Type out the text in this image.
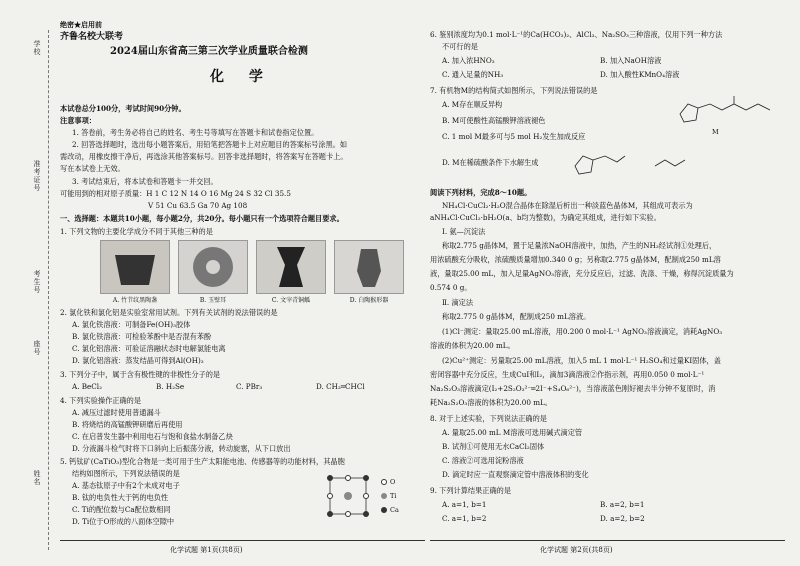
学校
准考证号
考生号
座号
姓名
绝密★启用前
齐鲁名校大联考
2024届山东省高三第三次学业质量联合检测
化 学
本试卷总分100分，考试时间90分钟。
注意事项：
1. 答卷前，考生务必将自己的姓名、考生号等填写在答题卡和试卷指定位置。
2. 回答选择题时，选出每小题答案后，用铅笔把答题卡上对应题目的答案标号涂黑。如
需改动，用橡皮擦干净后，再选涂其他答案标号。回答非选择题时，将答案写在答题卡上。
写在本试卷上无效。
3. 考试结束后，将本试卷和答题卡一并交回。
可能用到的相对原子质量：H 1 C 12 N 14 O 16 Mg 24 S 32 Cl 35.5
V 51 Cu 63.5 Ga 70 Ag 108
一、选择题：本题共10小题，每小题2分，共20分。每小题只有一个选项符合题目要求。
1. 下列文物的主要化学成分不同于其他三种的是
A. 竹节纹黑陶盏	B. 玉壁耳	C. 文宰青铜觚	D. 白陶猴形器
2. 氯化铁和氯化铝是实验室常用试剂。下列有关试剂的说法错误的是
A. 氯化铁溶液：可制备Fe(OH)₃胶体
B. 氯化铁溶液：可检验苯酚中是否混有苯酚
C. 氯化铝溶液：可验证溶融状态时电解氯能电离
D. 氯化铝溶液：蒸发结晶可得到Al(OH)₃
3. 下列分子中，属于含有极性键的非极性分子的是
A. BeCl₂	B. H₂Se	C. PBr₃	D. CH₂═CHCl
4. 下列实验操作正确的是
A. 减压过滤时使用普通漏斗
B. 将烧结的高锰酸钾研磨后再使用
C. 在启普发生器中利用电石与饱和食盐水制备乙炔
D. 分液漏斗检气时将下口斜向上后振荡分液，转动旋塞，从下口放出
5. 钙钛矿(CaTiO₃)型化合物是一类可用于生产太阳能电池、传感器等的功能材料，其晶胞
结构如图所示，下列说法错误的是
A. 基态钛原子中有2个未成对电子
B. 钛的电负性大于钙的电负性
C. Ti的配位数与Ca配位数相同
D. Ti位于O形成的八面体空隙中
O
Ti
Ca
化学试题 第1页(共8页)
6. 鉴别浓度均为0.1 mol·L⁻¹的Ca(HCO₃)₂、AlCl₃、Na₂SO₃三种溶液，仅用下列一种方法
不可行的是
A. 加入浓HNO₃	B. 加入NaOH溶液
C. 通入足量的NH₃	D. 加入酸性KMnO₄溶液
7. 有机物M的结构简式如图所示，下列说法错误的是
A. M存在顺反异构
B. M可使酸性高锰酸钾溶液褪色
C. 1 mol M最多可与5 mol H₂发生加成反应
D. M在稀硫酸条件下水解生成
M
阅读下列材料，完成8～10题。
NH₄Cl·CuCl₂·H₂O混合晶体在除湿后析出一种淡蓝色晶体M，其组成可表示为
aNH₄Cl·CuCl₂·bH₂O(a、b均为整数)，为确定其组成，进行如下实验。
Ⅰ. 氨—沉淀法
称取2.775 g晶体M，置于足量浓NaOH溶液中，加热，产生的NH₃经试剂①处理后，
用浓硫酸充分吸收，浓硫酸质量增加0.340 0 g；另称取2.775 g晶体M，配制成250 mL溶
液，量取25.00 mL，加入足量AgNO₃溶液，充分反应后，过滤、洗涤、干燥，称得沉淀质量为
0.574 0 g。
Ⅱ. 滴定法
称取2.775 0 g晶体M，配制成250 mL溶液。
(1)Cl⁻测定：量取25.00 mL溶液，用0.200 0 mol·L⁻¹ AgNO₃溶液滴定，消耗AgNO₃
溶液的体积为20.00 mL。
(2)Cu²⁺测定：另量取25.00 mL溶液，加入5 mL 1 mol·L⁻¹ H₂SO₄和过量KI固体，盖
密闭容器中充分反应，生成CuI和I₂，滴加3滴溶液②作指示剂，再用0.050 0 mol·L⁻¹
Na₂S₂O₃溶液滴定(I₂+2S₂O₃²⁻═2I⁻+S₄O₆²⁻)，当溶液蓝色刚好褪去半分钟不复原时，消
耗Na₂S₂O₃溶液的体积为20.00 mL。
8. 对于上述实验，下列说法正确的是
A. 量取25.00 mL M溶液可选用碱式滴定管
B. 试剂①可使用无水CaCl₂固体
C. 溶液②可选用淀粉溶液
D. 滴定时应一直观察滴定管中溶液体积的变化
9. 下列计算结果正确的是
A. a=1, b=1	B. a=2, b=1
C. a=1, b=2	D. a=2, b=2
化学试题 第2页(共8页)
